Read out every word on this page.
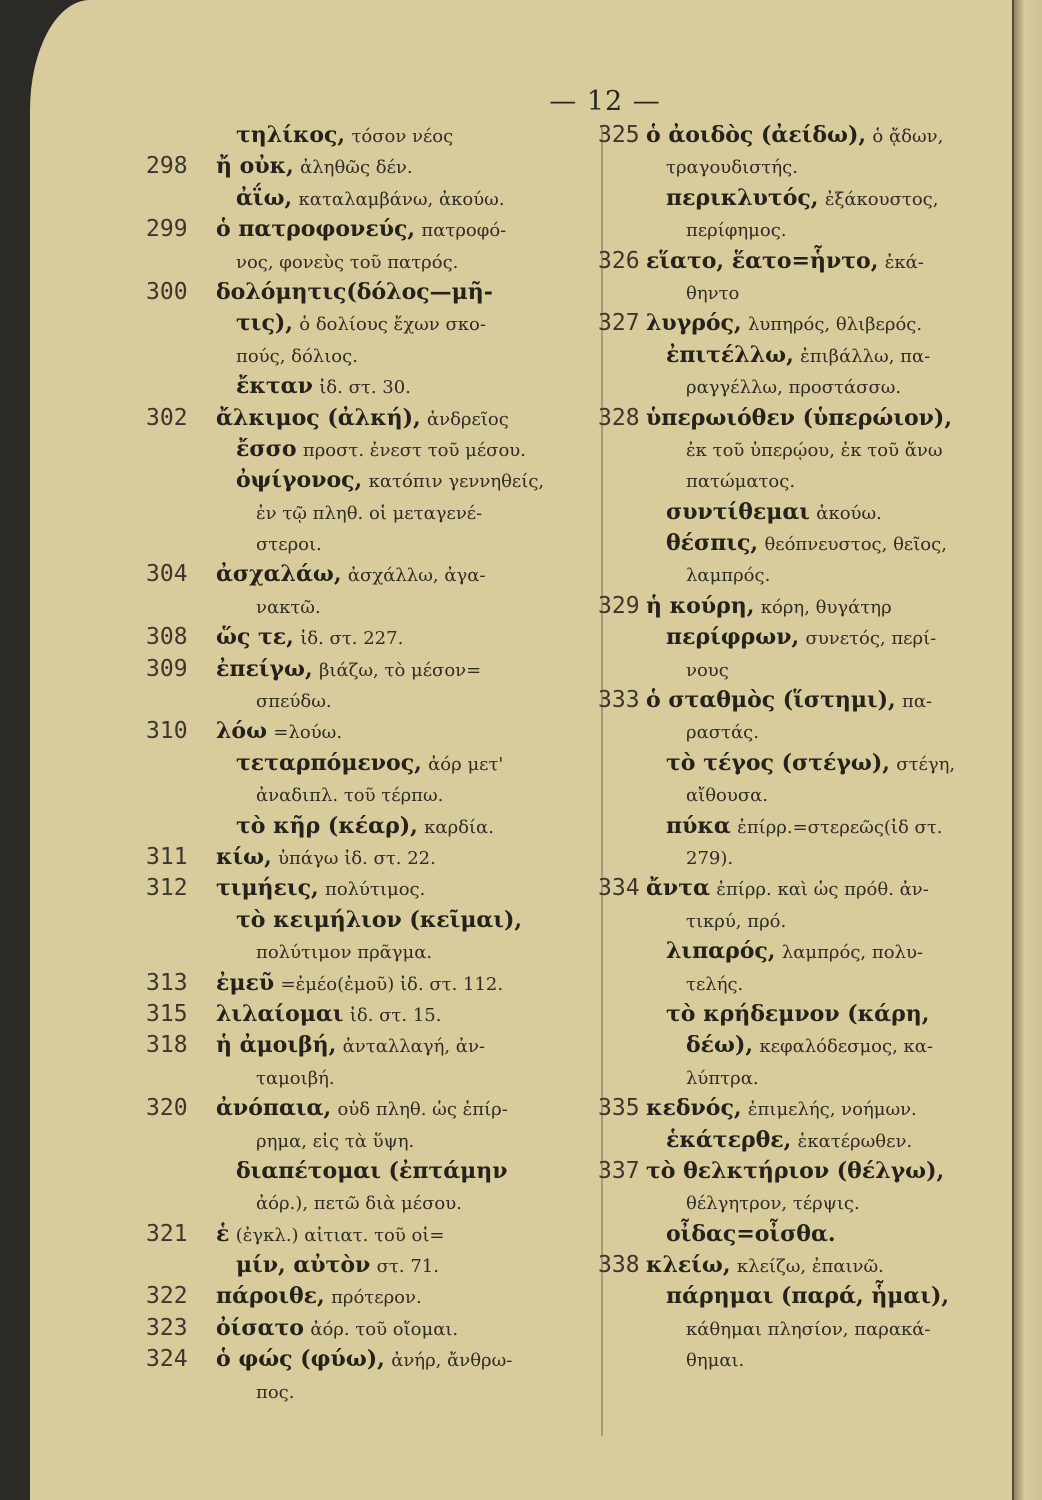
— 12 —
τηλίκος, τόσον νέος
298 ἤ οὐκ, ἀληθῶς δέν.
ἀΐω, καταλαμβάνω, ἀκούω.
299 ὁ πατροφονεύς, πατροφό-
νος, φονεὺς τοῦ πατρός.
300 δολόμητις(δόλος—μῆ-
τις), ὁ δολίους ἔχων σκο-
πούς, δόλιος.
ἔκταν ἰδ. στ. 30.
302 ἄλκιμος (ἀλκή), ἀνδρεῖος
ἔσσο προστ. ἐνεστ τοῦ μέσου.
ὀψίγονος, κατόπιν γεννηθείς,
ἐν τῷ πληθ. οἱ μεταγενέ-
στεροι.
304 ἀσχαλάω, ἀσχάλλω, ἀγα-
νακτῶ.
308 ὥς τε, ἰδ. στ. 227.
309 ἐπείγω, βιάζω, τὸ μέσον=
σπεύδω.
310 λόω =λούω.
τεταρπόμενος, ἀόρ μετ'
ἀναδιπλ. τοῦ τέρπω.
τὸ κῆρ (κέαρ), καρδία.
311 κίω, ὑπάγω ἰδ. στ. 22.
312 τιμήεις, πολύτιμος.
τὸ κειμήλιον (κεῖμαι),
πολύτιμον πρᾶγμα.
313 ἐμεῦ =ἐμέο(ἐμοῦ) ἰδ. στ. 112.
315 λιλαίομαι ἰδ. στ. 15.
318 ἡ ἀμοιβή, ἀνταλλαγή, ἀν-
ταμοιβή.
320 ἀνόπαια, οὐδ πληθ. ὡς ἐπίρ-
ρημα, εἰς τὰ ὕψη.
διαπέτομαι (ἐπτάμην
ἀόρ.), πετῶ διὰ μέσου.
321 ἑ (ἐγκλ.) αἰτιατ. τοῦ οἱ=
μίν, αὐτὸν στ. 71.
322 πάροιθε, πρότερον.
323 ὀίσατο ἀόρ. τοῦ οἴομαι.
324 ὁ φώς (φύω), ἀνήρ, ἄνθρω-
πος.
325 ὁ ἀοιδὸς (ἀείδω), ὁ ᾄδων,
τραγουδιστής.
περικλυτός, ἐξάκουστος,
περίφημος.
326 εἵατο, ἕατο=ἧντο, ἐκά-
θηντο
327 λυγρός, λυπηρός, θλιβερός.
ἐπιτέλλω, ἐπιβάλλω, πα-
ραγγέλλω, προστάσσω.
328 ὑπερωιόθεν (ὑπερώιον),
ἐκ τοῦ ὑπερῴου, ἐκ τοῦ ἄνω
πατώματος.
συντίθεμαι ἀκούω.
θέσπις, θεόπνευστος, θεῖος,
λαμπρός.
329 ἡ κούρη, κόρη, θυγάτηρ
περίφρων, συνετός, περί-
νους
333 ὁ σταθμὸς (ἵστημι), πα-
ραστάς.
τὸ τέγος (στέγω), στέγη,
αἴθουσα.
πύκα ἐπίρρ.=στερεῶς(ἰδ στ.
279).
334 ἄντα ἐπίρρ. καὶ ὡς πρόθ. ἀν-
τικρύ, πρό.
λιπαρός, λαμπρός, πολυ-
τελής.
τὸ κρήδεμνον (κάρη,
δέω), κεφαλόδεσμος, κα-
λύπτρα.
335 κεδνός, ἐπιμελής, νοήμων.
ἑκάτερθε, ἑκατέρωθεν.
337 τὸ θελκτήριον (θέλγω),
θέλγητρον, τέρψις.
οἶδας=οἶσθα.
338 κλείω, κλείζω, ἐπαινῶ.
πάρημαι (παρά, ἧμαι),
κάθημαι πλησίον, παρακά-
θημαι.
